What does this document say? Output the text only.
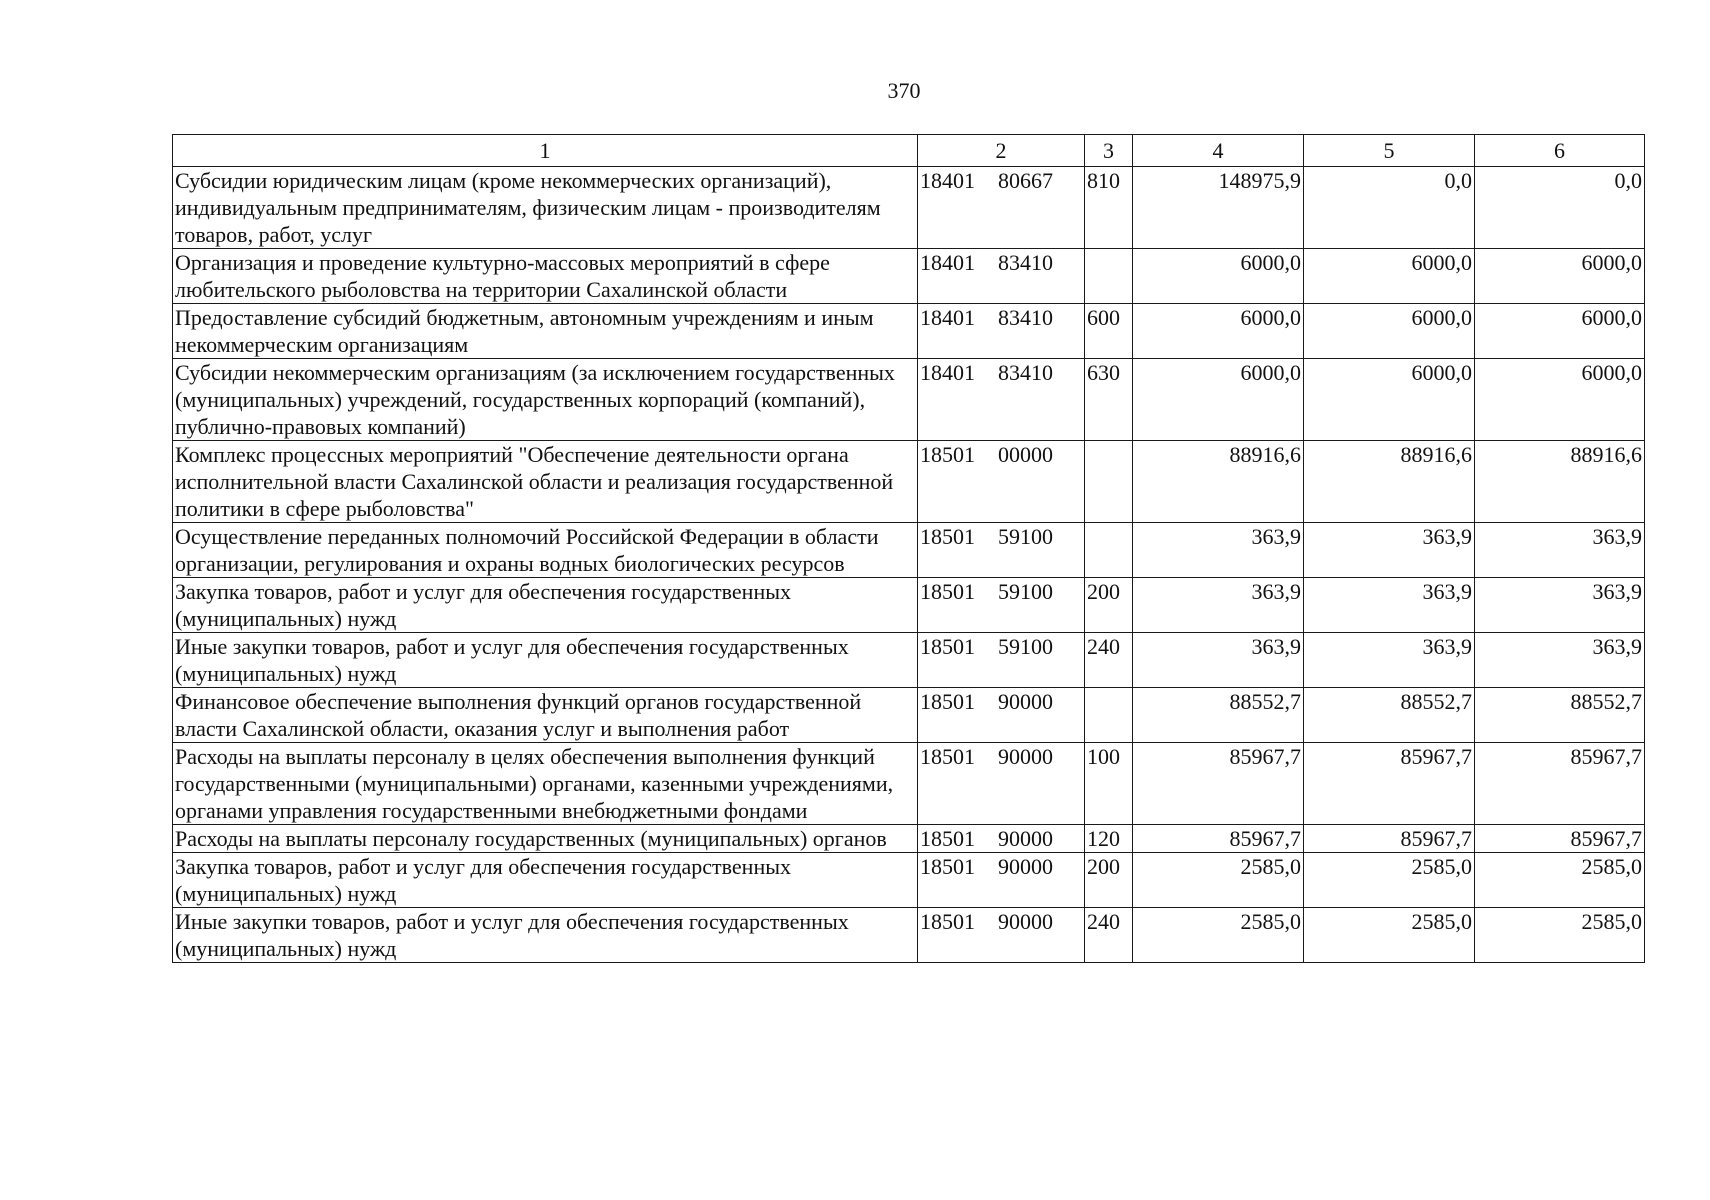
370
1	2	3	4	5	6
Субсидии юридическим лицам (кроме некоммерческих организаций), индивидуальным предпринимателям, физическим лицам - производителям товаров, работ, услуг	18401 80667	810	148975,9	0,0	0,0
Организация и проведение культурно-массовых мероприятий в сфере любительского рыболовства на территории Сахалинской области	18401 83410		6000,0	6000,0	6000,0
Предоставление субсидий бюджетным, автономным учреждениям и иным некоммерческим организациям	18401 83410	600	6000,0	6000,0	6000,0
Субсидии некоммерческим организациям (за исключением государственных (муниципальных) учреждений, государственных корпораций (компаний), публично-правовых компаний)	18401 83410	630	6000,0	6000,0	6000,0
Комплекс процессных мероприятий "Обеспечение деятельности органа исполнительной власти Сахалинской области и реализация государственной политики в сфере рыболовства"	18501 00000		88916,6	88916,6	88916,6
Осуществление переданных полномочий Российской Федерации в области организации, регулирования и охраны водных биологических ресурсов	18501 59100		363,9	363,9	363,9
Закупка товаров, работ и услуг для обеспечения государственных (муниципальных) нужд	18501 59100	200	363,9	363,9	363,9
Иные закупки товаров, работ и услуг для обеспечения государственных (муниципальных) нужд	18501 59100	240	363,9	363,9	363,9
Финансовое обеспечение выполнения функций органов государственной власти Сахалинской области, оказания услуг и выполнения работ	18501 90000		88552,7	88552,7	88552,7
Расходы на выплаты персоналу в целях обеспечения выполнения функций государственными (муниципальными) органами, казенными учреждениями, органами управления государственными внебюджетными фондами	18501 90000	100	85967,7	85967,7	85967,7
Расходы на выплаты персоналу государственных (муниципальных) органов	18501 90000	120	85967,7	85967,7	85967,7
Закупка товаров, работ и услуг для обеспечения государственных (муниципальных) нужд	18501 90000	200	2585,0	2585,0	2585,0
Иные закупки товаров, работ и услуг для обеспечения государственных (муниципальных) нужд	18501 90000	240	2585,0	2585,0	2585,0
